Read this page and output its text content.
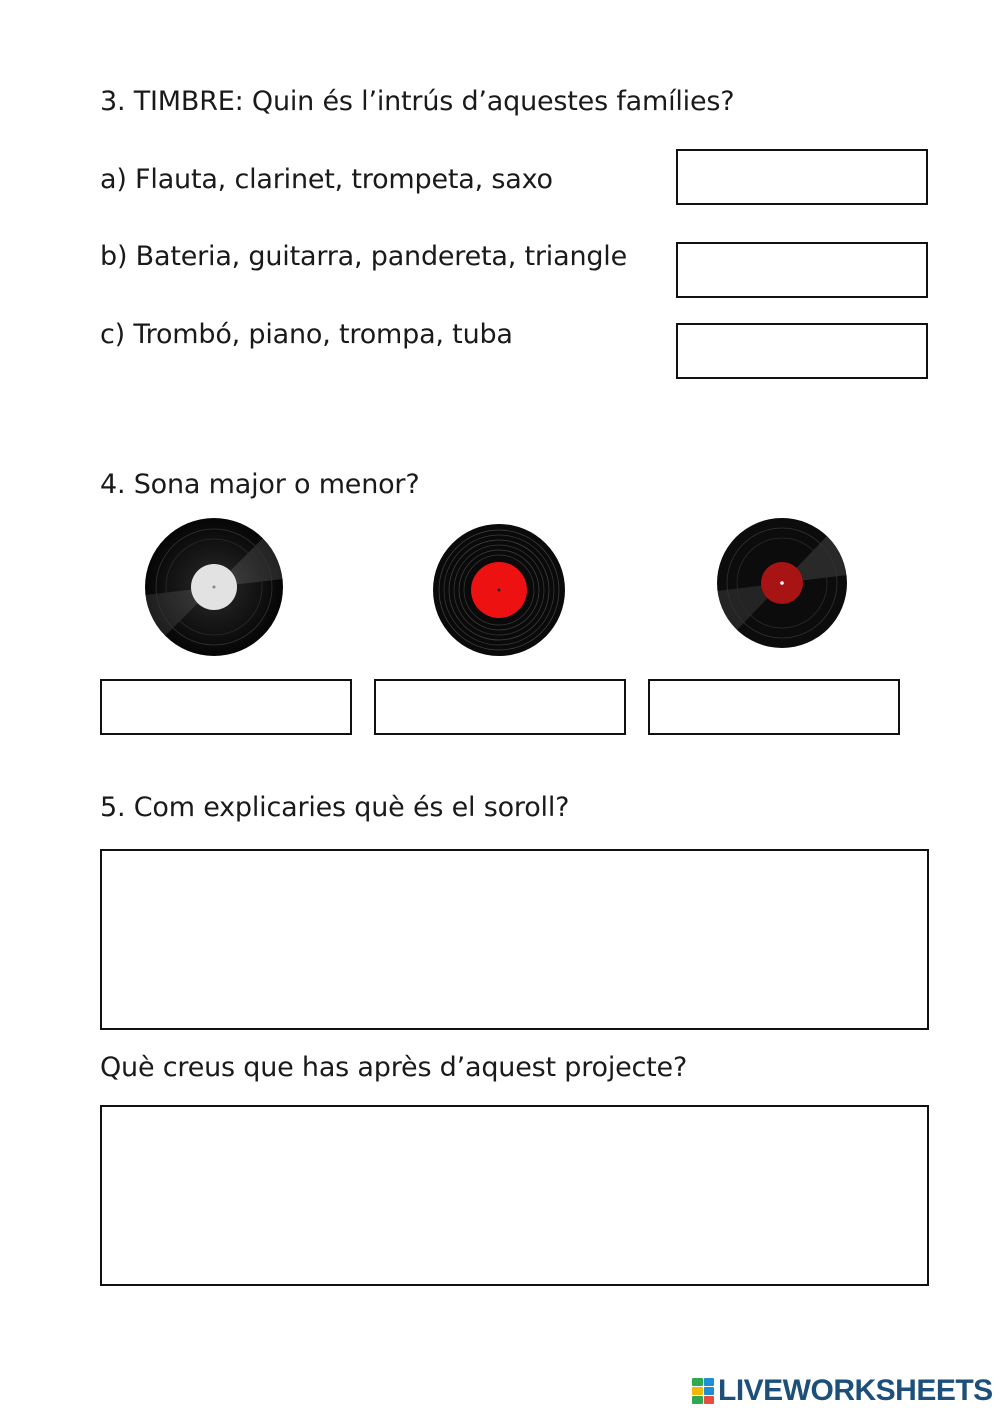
3. TIMBRE: Quin és l’intrús d’aquestes famílies?
a) Flauta, clarinet, trompeta, saxo
b) Bateria, guitarra, pandereta, triangle
c) Trombó, piano, trompa, tuba
4. Sona major o menor?
5. Com explicaries què és el soroll?
Què creus que has après d’aquest projecte?
LIVEWORKSHEETS
